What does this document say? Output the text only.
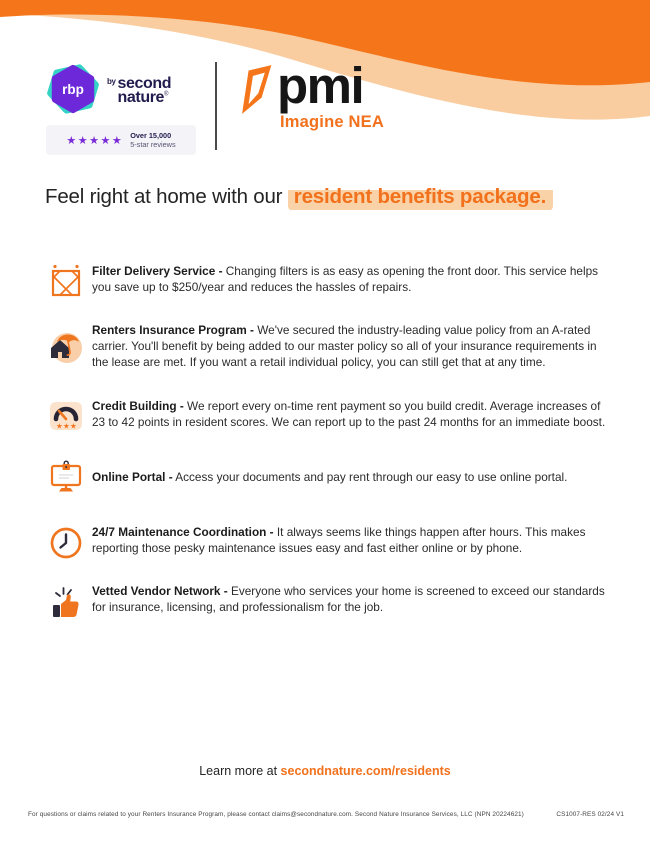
rbp
by second
nature®
★★★★★ Over 15,000
5-star reviews
pmi
Imagine NEA
Feel right at home with our resident benefits package.

Filter Delivery Service - Changing filters is as easy as opening the front door. This service helps you save up to $250/year and reduces the hassles of repairs.

Renters Insurance Program - We've secured the industry-leading value policy from an A-rated carrier. You'll benefit by being added to our master policy so all of your insurance requirements in the lease are met. If you want a retail individual policy, you can still get that at any time.

★ ★ ★

Credit Building - We report every on-time rent payment so you build credit. Average increases of 23 to 42 points in resident scores. We can report up to the past 24 months for an immediate boost.

Online Portal - Access your documents and pay rent through our easy to use online portal.

24/7 Maintenance Coordination - It always seems like things happen after hours. This makes reporting those pesky maintenance issues easy and fast either online or by phone.

Vetted Vendor Network - Everyone who services your home is screened to exceed our standards for insurance, licensing, and professionalism for the job.

Learn more at secondnature.com/residents
For questions or claims related to your Renters Insurance Program, please contact claims@secondnature.com. Second Nature Insurance Services, LLC (NPN 20224621)	CS1007-RES 02/24 V1
